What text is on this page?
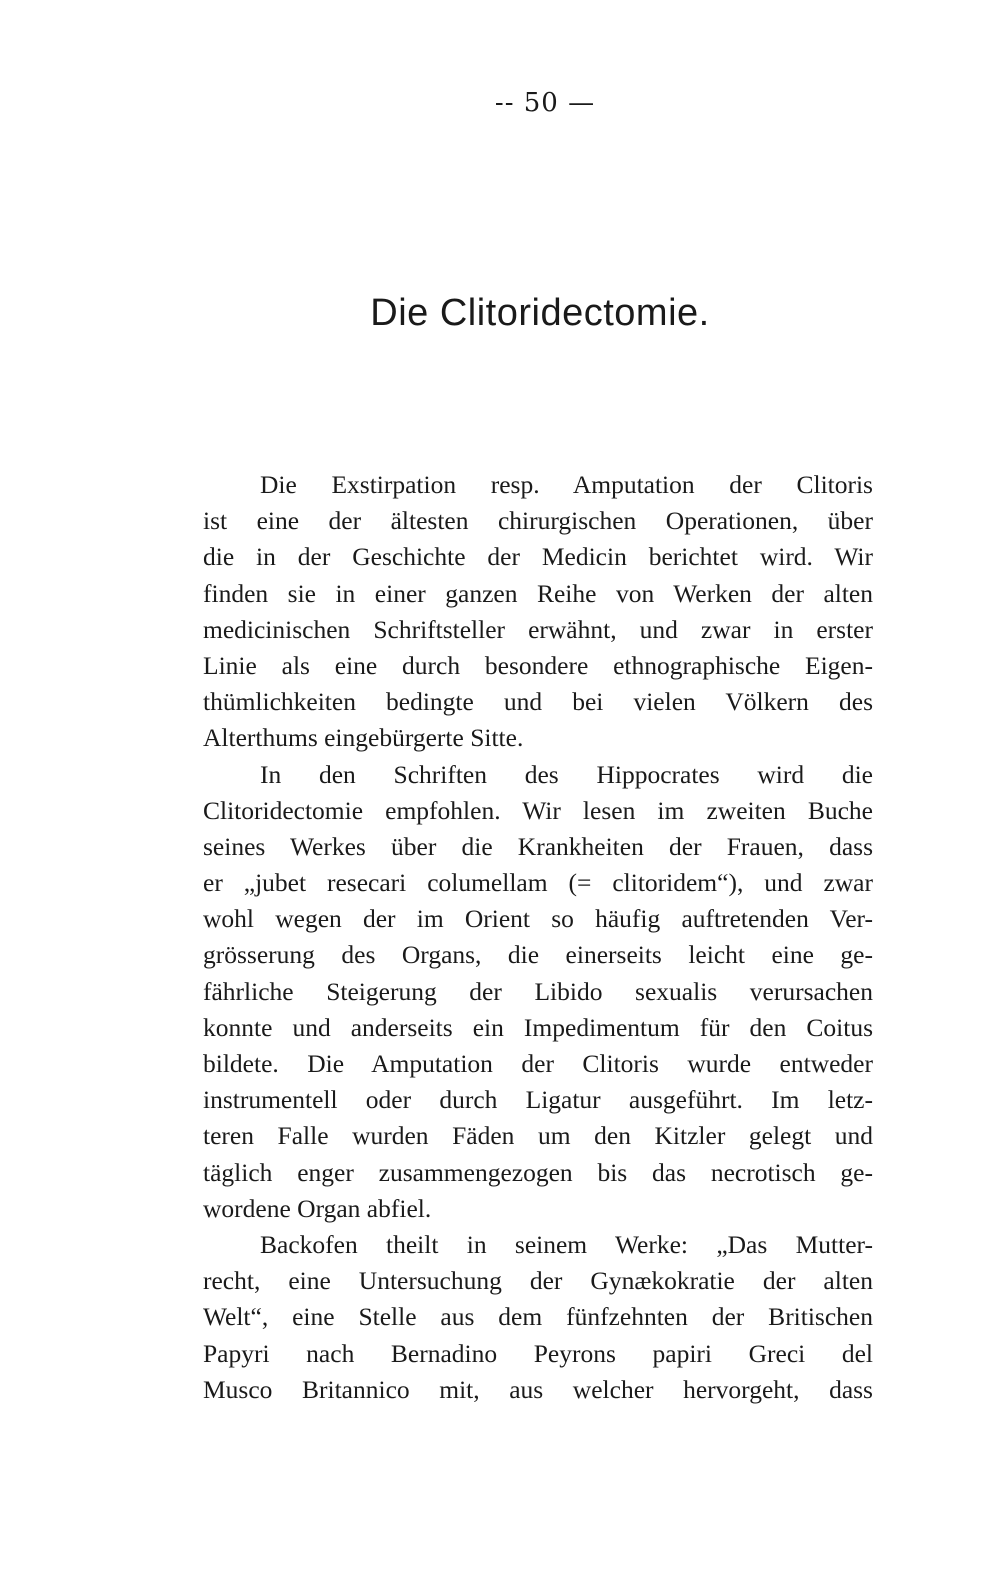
-- 50 —
Die Clitoridectomie.
Die Exstirpation resp. Amputation der Clitoris
ist eine der ältesten chirurgischen Operationen, über
die in der Geschichte der Medicin berichtet wird. Wir
finden sie in einer ganzen Reihe von Werken der alten
medicinischen Schriftsteller erwähnt, und zwar in erster
Linie als eine durch besondere ethnographische Eigen-
thümlichkeiten bedingte und bei vielen Völkern des
Alterthums eingebürgerte Sitte.
In den Schriften des Hippocrates wird die
Clitoridectomie empfohlen. Wir lesen im zweiten Buche
seines Werkes über die Krankheiten der Frauen, dass
er „jubet resecari columellam (= clitoridem“), und zwar
wohl wegen der im Orient so häufig auftretenden Ver-
grösserung des Organs, die einerseits leicht eine ge-
fährliche Steigerung der Libido sexualis verursachen
konnte und anderseits ein Impedimentum für den Coitus
bildete. Die Amputation der Clitoris wurde entweder
instrumentell oder durch Ligatur ausgeführt. Im letz-
teren Falle wurden Fäden um den Kitzler gelegt und
täglich enger zusammengezogen bis das necrotisch ge-
wordene Organ abfiel.
Backofen theilt in seinem Werke: „Das Mutter-
recht, eine Untersuchung der Gynækokratie der alten
Welt“, eine Stelle aus dem fünfzehnten der Britischen
Papyri nach Bernadino Peyrons papiri Greci del
Musco Britannico mit, aus welcher hervorgeht, dass
